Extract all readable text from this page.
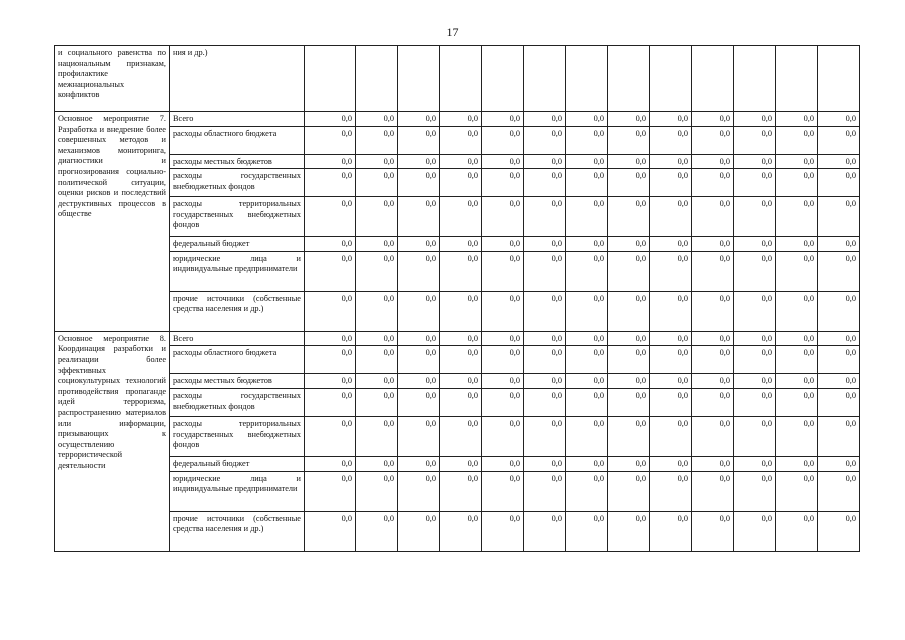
17
и социального равенства по национальным признакам, профилактике межнациональных конфликтов	ния и др.)													
Основное мероприятие 7. Разработка и внедрение более совершенных методов и механизмов мониторинга, диагностики и прогнозирования социально-политической ситуации, оценки рисков и последствий деструктивных процессов в обществе	Всего	0,0	0,0	0,0	0,0	0,0	0,0	0,0	0,0	0,0	0,0	0,0	0,0	0,0
	расходы областного бюджета	0,0	0,0	0,0	0,0	0,0	0,0	0,0	0,0	0,0	0,0	0,0	0,0	0,0
	расходы местных бюджетов	0,0	0,0	0,0	0,0	0,0	0,0	0,0	0,0	0,0	0,0	0,0	0,0	0,0
	расходы государственных внебюджетных фондов	0,0	0,0	0,0	0,0	0,0	0,0	0,0	0,0	0,0	0,0	0,0	0,0	0,0
	расходы территориальных государственных внебюджетных фондов	0,0	0,0	0,0	0,0	0,0	0,0	0,0	0,0	0,0	0,0	0,0	0,0	0,0
	федеральный бюджет	0,0	0,0	0,0	0,0	0,0	0,0	0,0	0,0	0,0	0,0	0,0	0,0	0,0
	юридические лица и индивидуальные предприниматели	0,0	0,0	0,0	0,0	0,0	0,0	0,0	0,0	0,0	0,0	0,0	0,0	0,0
	прочие источники (собственные средства населения и др.)	0,0	0,0	0,0	0,0	0,0	0,0	0,0	0,0	0,0	0,0	0,0	0,0	0,0
Основное мероприятие 8. Координация разработки и реализации более эффективных социокультурных технологий противодействия пропаганде идей терроризма, распространению материалов или информации, призывающих к осуществлению террористической деятельности	Всего	0,0	0,0	0,0	0,0	0,0	0,0	0,0	0,0	0,0	0,0	0,0	0,0	0,0
	расходы областного бюджета	0,0	0,0	0,0	0,0	0,0	0,0	0,0	0,0	0,0	0,0	0,0	0,0	0,0
	расходы местных бюджетов	0,0	0,0	0,0	0,0	0,0	0,0	0,0	0,0	0,0	0,0	0,0	0,0	0,0
	расходы государственных внебюджетных фондов	0,0	0,0	0,0	0,0	0,0	0,0	0,0	0,0	0,0	0,0	0,0	0,0	0,0
	расходы территориальных государственных внебюджетных фондов	0,0	0,0	0,0	0,0	0,0	0,0	0,0	0,0	0,0	0,0	0,0	0,0	0,0
	федеральный бюджет	0,0	0,0	0,0	0,0	0,0	0,0	0,0	0,0	0,0	0,0	0,0	0,0	0,0
	юридические лица и индивидуальные предприниматели	0,0	0,0	0,0	0,0	0,0	0,0	0,0	0,0	0,0	0,0	0,0	0,0	0,0
	прочие источники (собственные средства населения и др.)	0,0	0,0	0,0	0,0	0,0	0,0	0,0	0,0	0,0	0,0	0,0	0,0	0,0
